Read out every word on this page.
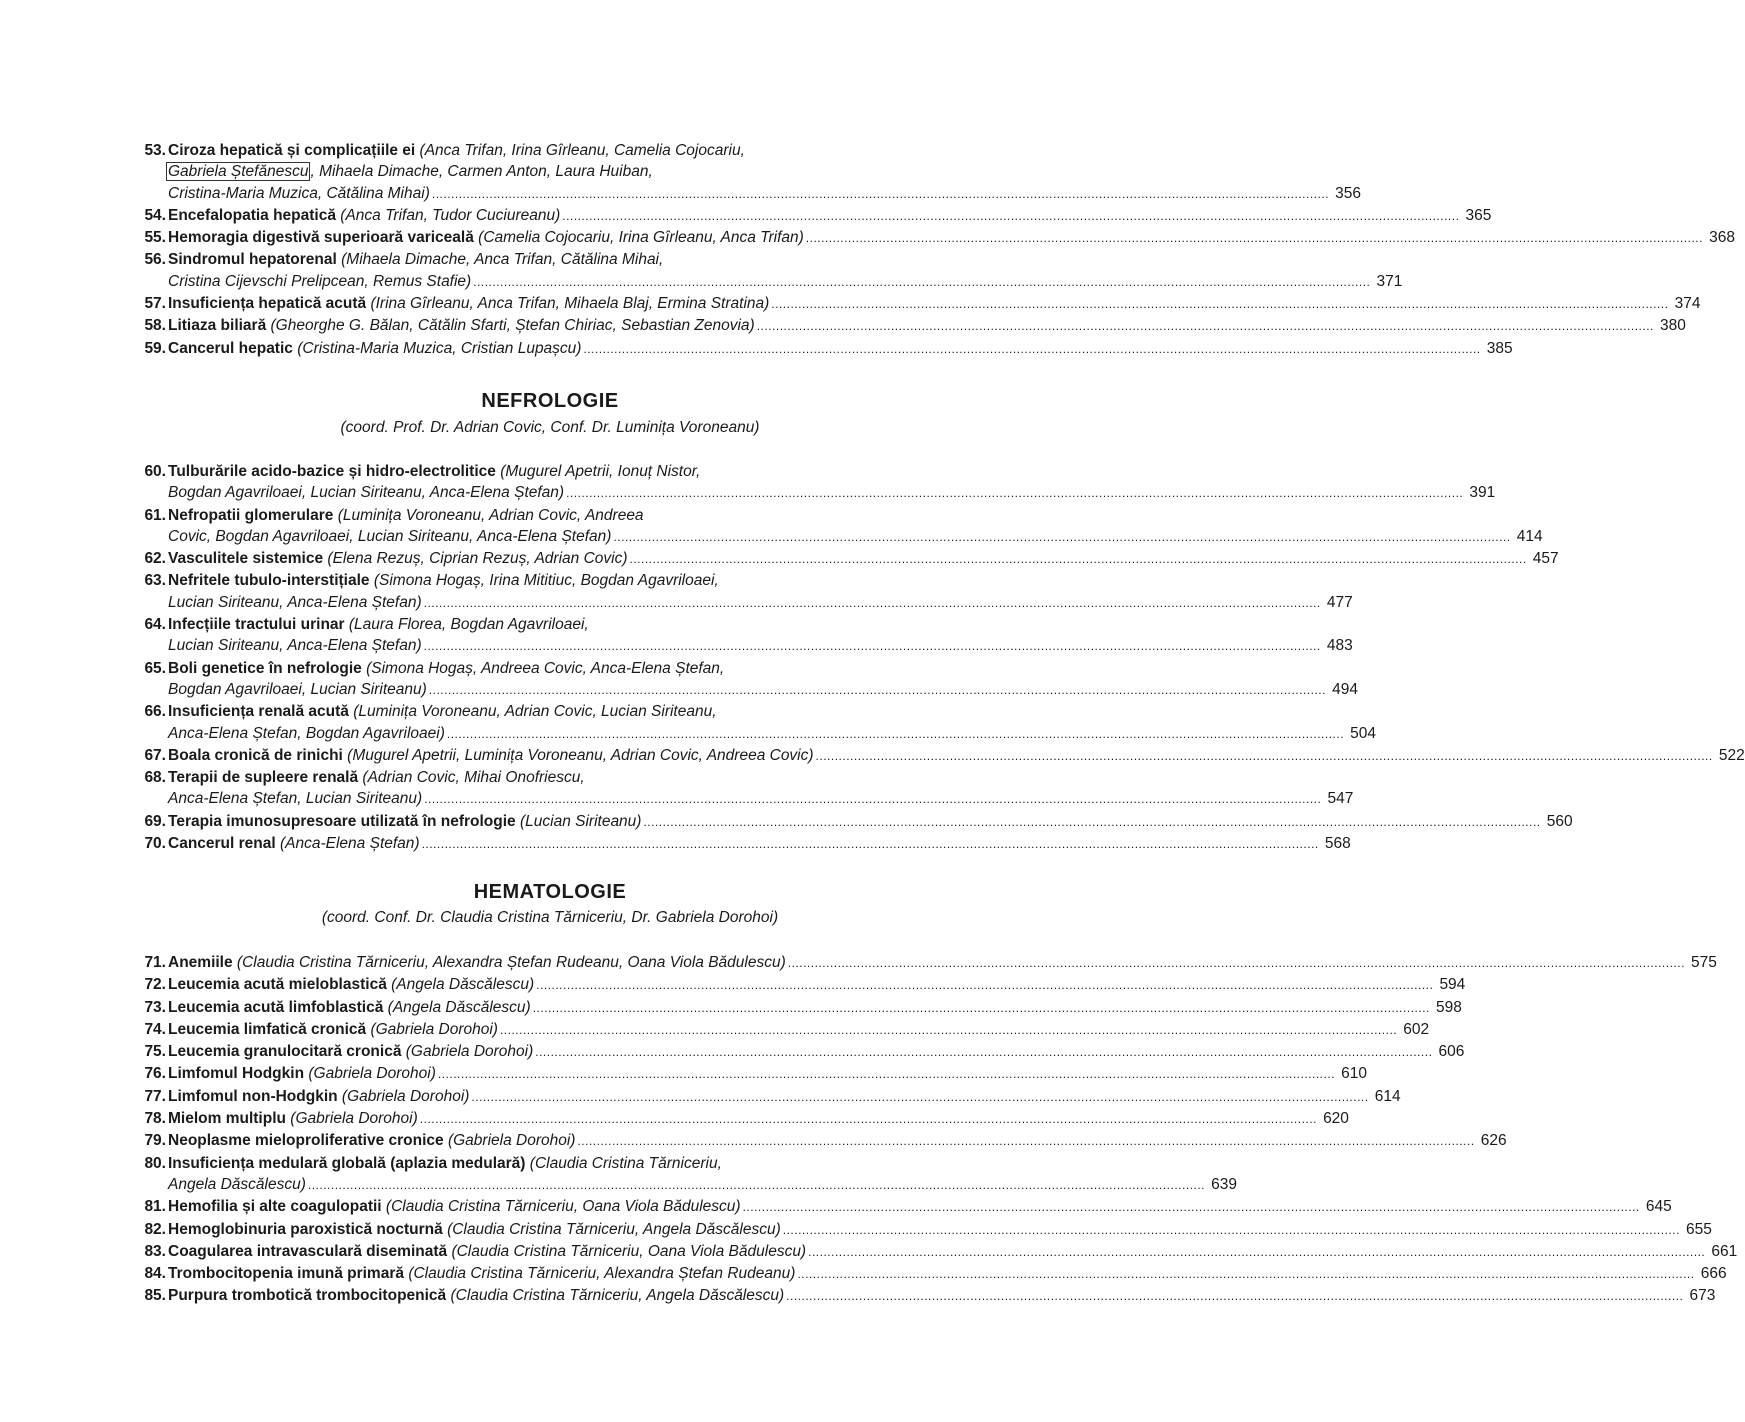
53. Ciroza hepatică și complicațiile ei (Anca Trifan, Irina Gîrleanu, Camelia Cojocariu,
Gabriela Ștefănescu , Mihaela Dimache, Carmen Anton, Laura Huiban,
Cristina-Maria Muzica, Cătălina Mihai) .....	356
54. Encefalopatia hepatică (Anca Trifan, Tudor Cuciureanu) .....	365
55. Hemoragia digestivă superioară variceală (Camelia Cojocariu, Irina Gîrleanu, Anca Trifan) .....	368
56. Sindromul hepatorenal (Mihaela Dimache, Anca Trifan, Cătălina Mihai,
Cristina Cijevschi Prelipcean, Remus Stafie) .....	371
57. Insuficiența hepatică acută (Irina Gîrleanu, Anca Trifan, Mihaela Blaj, Ermina Stratina) .....	374
58. Litiaza biliară (Gheorghe G. Bălan, Cătălin Sfarti, Ștefan Chiriac, Sebastian Zenovia) .....	380
59. Cancerul hepatic (Cristina-Maria Muzica, Cristian Lupașcu) .....	385
NEFROLOGIE
(coord. Prof. Dr. Adrian Covic, Conf. Dr. Luminița Voroneanu)
60. Tulburările acido-bazice și hidro-electrolitice (Mugurel Apetrii, Ionuț Nistor,
Bogdan Agavriloaei, Lucian Siriteanu, Anca-Elena Ștefan) .....	391
61. Nefropatii glomerulare (Luminița Voroneanu, Adrian Covic, Andreea
Covic, Bogdan Agavriloaei, Lucian Siriteanu, Anca-Elena Ștefan) .....	414
62. Vasculitele sistemice (Elena Rezuș, Ciprian Rezuș, Adrian Covic) .....	457
63. Nefritele tubulo-interstițiale (Simona Hogaș, Irina Mititiuc, Bogdan Agavriloaei,
Lucian Siriteanu, Anca-Elena Ștefan) .....	477
64. Infecțiile tractului urinar (Laura Florea, Bogdan Agavriloaei,
Lucian Siriteanu, Anca-Elena Ștefan) .....	483
65. Boli genetice în nefrologie (Simona Hogaș, Andreea Covic, Anca-Elena Ștefan,
Bogdan Agavriloaei, Lucian Siriteanu) .....	494
66. Insuficiența renală acută (Luminița Voroneanu, Adrian Covic, Lucian Siriteanu,
Anca-Elena Ștefan, Bogdan Agavriloaei) .....	504
67. Boala cronică de rinichi (Mugurel Apetrii, Luminița Voroneanu, Adrian Covic, Andreea Covic) .....	522
68. Terapii de supleere renală (Adrian Covic, Mihai Onofriescu,
Anca-Elena Ștefan, Lucian Siriteanu) .....	547
69. Terapia imunosupresoare utilizată în nefrologie (Lucian Siriteanu) .....	560
70. Cancerul renal (Anca-Elena Ștefan) .....	568
HEMATOLOGIE
(coord. Conf. Dr. Claudia Cristina Tărniceriu, Dr. Gabriela Dorohoi)
71. Anemiile (Claudia Cristina Tărniceriu, Alexandra Ștefan Rudeanu, Oana Viola Bădulescu) .....	575
72. Leucemia acută mieloblastică (Angela Dăscălescu) .....	594
73. Leucemia acută limfoblastică (Angela Dăscălescu) .....	598
74. Leucemia limfatică cronică (Gabriela Dorohoi) .....	602
75. Leucemia granulocitară cronică (Gabriela Dorohoi) .....	606
76. Limfomul Hodgkin (Gabriela Dorohoi) .....	610
77. Limfomul non-Hodgkin (Gabriela Dorohoi) .....	614
78. Mielom multiplu (Gabriela Dorohoi) .....	620
79. Neoplasme mieloproliferative cronice (Gabriela Dorohoi) .....	626
80. Insuficiența medulară globală (aplazia medulară) (Claudia Cristina Tărniceriu,
Angela Dăscălescu) .....	639
81. Hemofilia și alte coagulopatii (Claudia Cristina Tărniceriu, Oana Viola Bădulescu) .....	645
82. Hemoglobinuria paroxistică nocturnă (Claudia Cristina Tărniceriu, Angela Dăscălescu) .....	655
83. Coagularea intravasculară diseminată (Claudia Cristina Tărniceriu, Oana Viola Bădulescu) .....	661
84. Trombocitopenia imună primară (Claudia Cristina Tărniceriu, Alexandra Ștefan Rudeanu) .....	666
85. Purpura trombotică trombocitopenică (Claudia Cristina Tărniceriu, Angela Dăscălescu) .....	673
